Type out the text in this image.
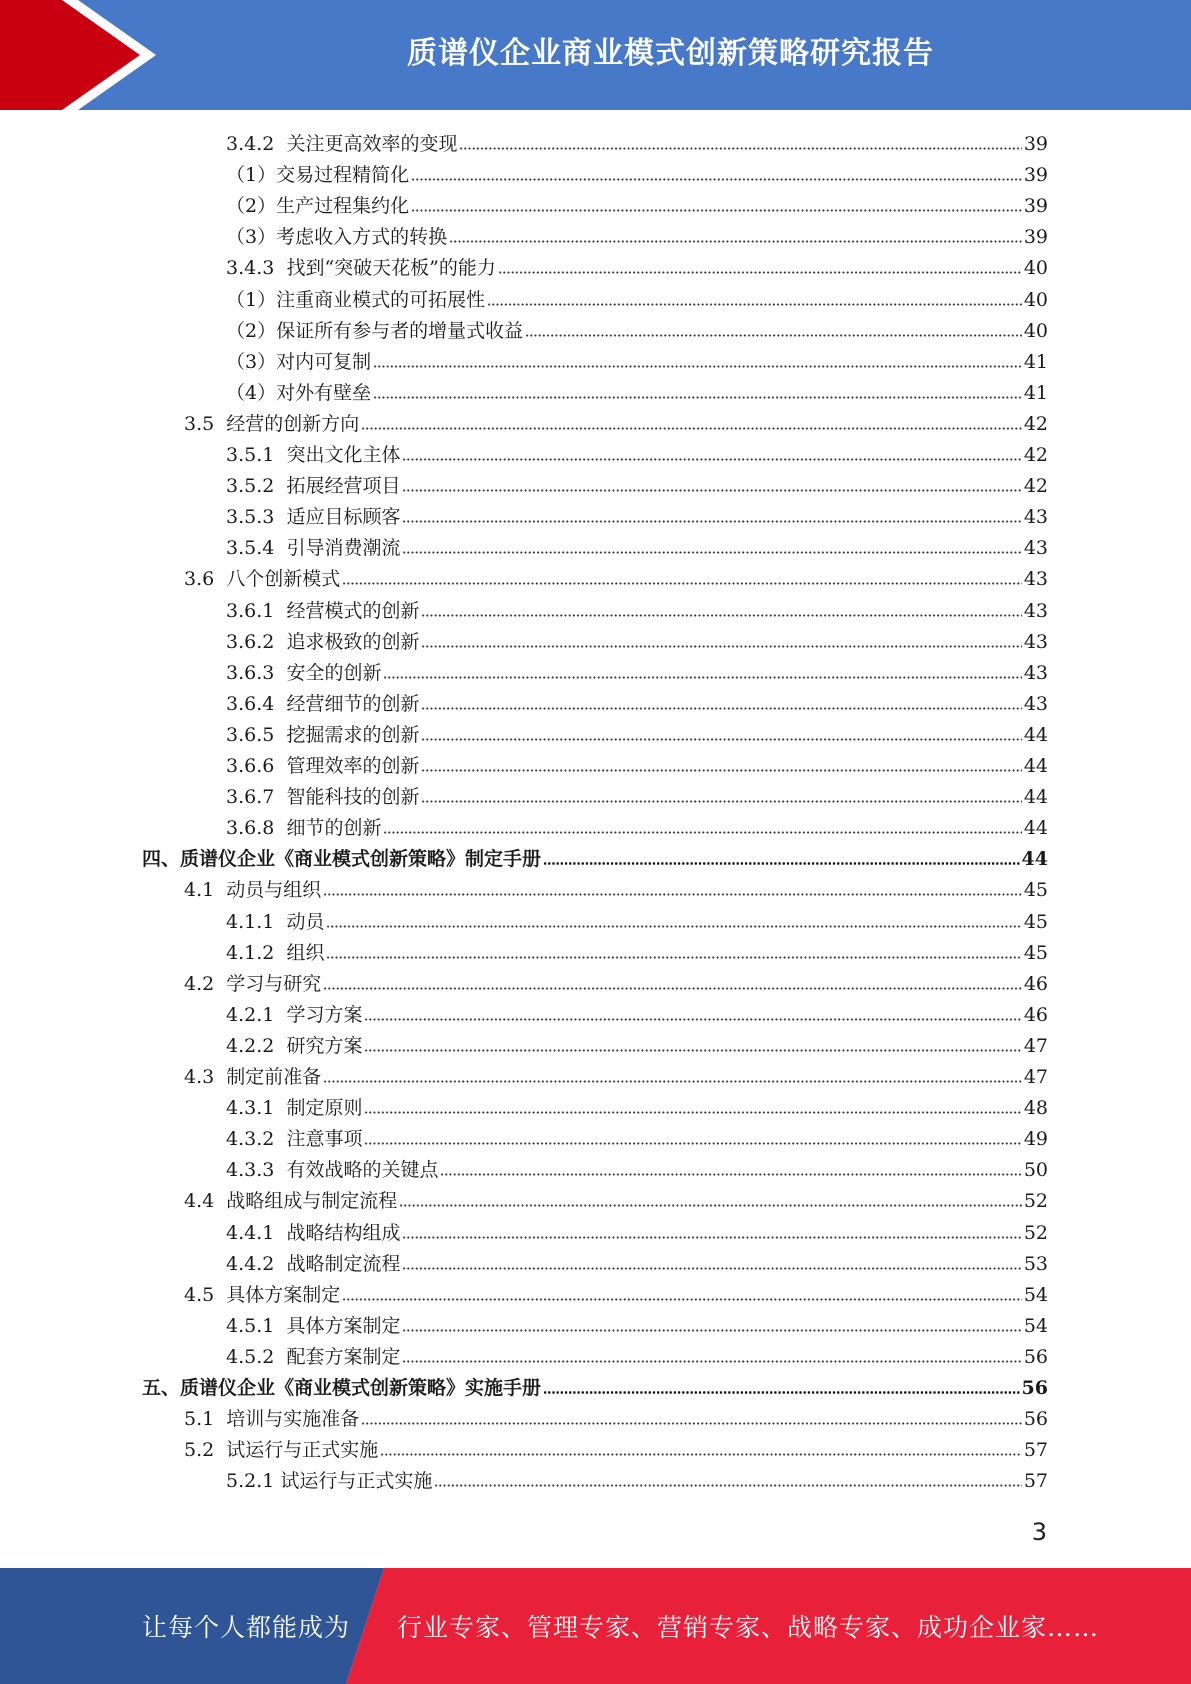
质谱仪企业商业模式创新策略研究报告
3.4.2 关注更高效率的变现	39
（1） 交易过程精简化	39
（2） 生产过程集约化	39
（3） 考虑收入方式的转换	39
3.4.3 找到“突破天花板”的能力	40
（1） 注重商业模式的可拓展性	40
（2） 保证所有参与者的增量式收益	40
（3） 对内可复制	41
（4） 对外有壁垒	41
3.5 经营的创新方向	42
3.5.1 突出文化主体	42
3.5.2 拓展经营项目	42
3.5.3 适应目标顾客	43
3.5.4 引导消费潮流	43
3.6 八个创新模式	43
3.6.1 经营模式的创新	43
3.6.2 追求极致的创新	43
3.6.3 安全的创新	43
3.6.4 经营细节的创新	43
3.6.5 挖掘需求的创新	44
3.6.6 管理效率的创新	44
3.6.7 智能科技的创新	44
3.6.8 细节的创新	44
四、 质谱仪企业《商业模式创新策略》制定手册	44
4.1 动员与组织	45
4.1.1 动员	45
4.1.2 组织	45
4.2 学习与研究	46
4.2.1 学习方案	46
4.2.2 研究方案	47
4.3 制定前准备	47
4.3.1 制定原则	48
4.3.2 注意事项	49
4.3.3 有效战略的关键点	50
4.4 战略组成与制定流程	52
4.4.1 战略结构组成	52
4.4.2 战略制定流程	53
4.5 具体方案制定	54
4.5.1 具体方案制定	54
4.5.2 配套方案制定	56
五、 质谱仪企业《商业模式创新策略》实施手册	56
5.1 培训与实施准备	56
5.2 试运行与正式实施	57
5.2.1 试运行与正式实施	57
3
让每个人都能成为 行业专家、管理专家、营销专家、战略专家、成功企业家……
